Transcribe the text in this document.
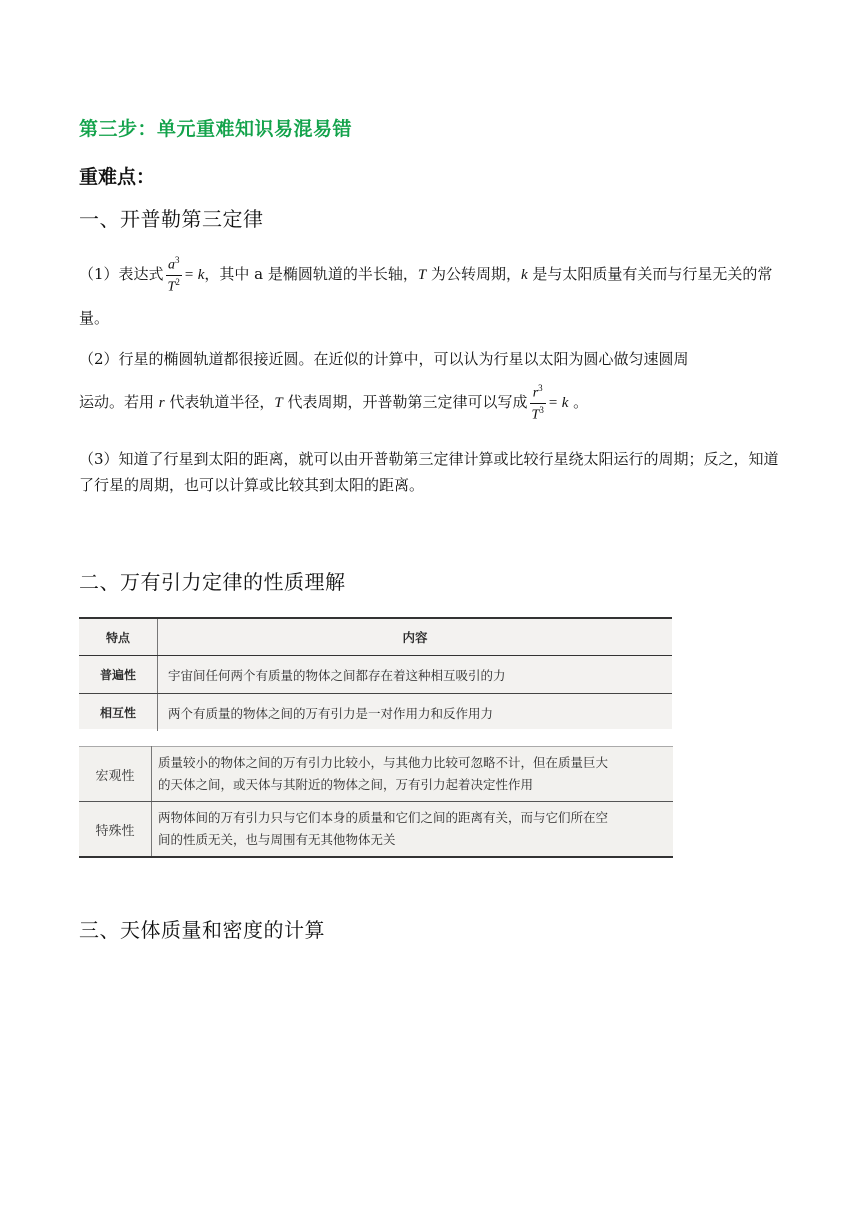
第三步：单元重难知识易混易错
重难点：
一、开普勒第三定律
（1）表达式 $\frac{a^3}{T^2} = k$，其中 a 是椭圆轨道的半长轴，T 为公转周期，k 是与太阳质量有关而与行星无关的常量。
（2）行星的椭圆轨道都很接近圆。在近似的计算中，可以认为行星以太阳为圆心做匀速圆周
运动。若用 r 代表轨道半径，T 代表周期，开普勒第三定律可以写成 $\frac{r^3}{T^3} = k$ 。
（3）知道了行星到太阳的距离，就可以由开普勒第三定律计算或比较行星绕太阳运行的周期；反之，知道了行星的周期，也可以计算或比较其到太阳的距离。
二、万有引力定律的性质理解
特点	内容
普遍性	宇宙间任何两个有质量的物体之间都存在着这种相互吸引的力
相互性	两个有质量的物体之间的万有引力是一对作用力和反作用力
宏观性	质量较小的物体之间的万有引力比较小，与其他力比较可忽略不计，但在质量巨大
的天体之间，或天体与其附近的物体之间，万有引力起着决定性作用

特殊性	两物体间的万有引力只与它们本身的质量和它们之间的距离有关，而与它们所在空
间的性质无关，也与周围有无其他物体无关
三、天体质量和密度的计算
